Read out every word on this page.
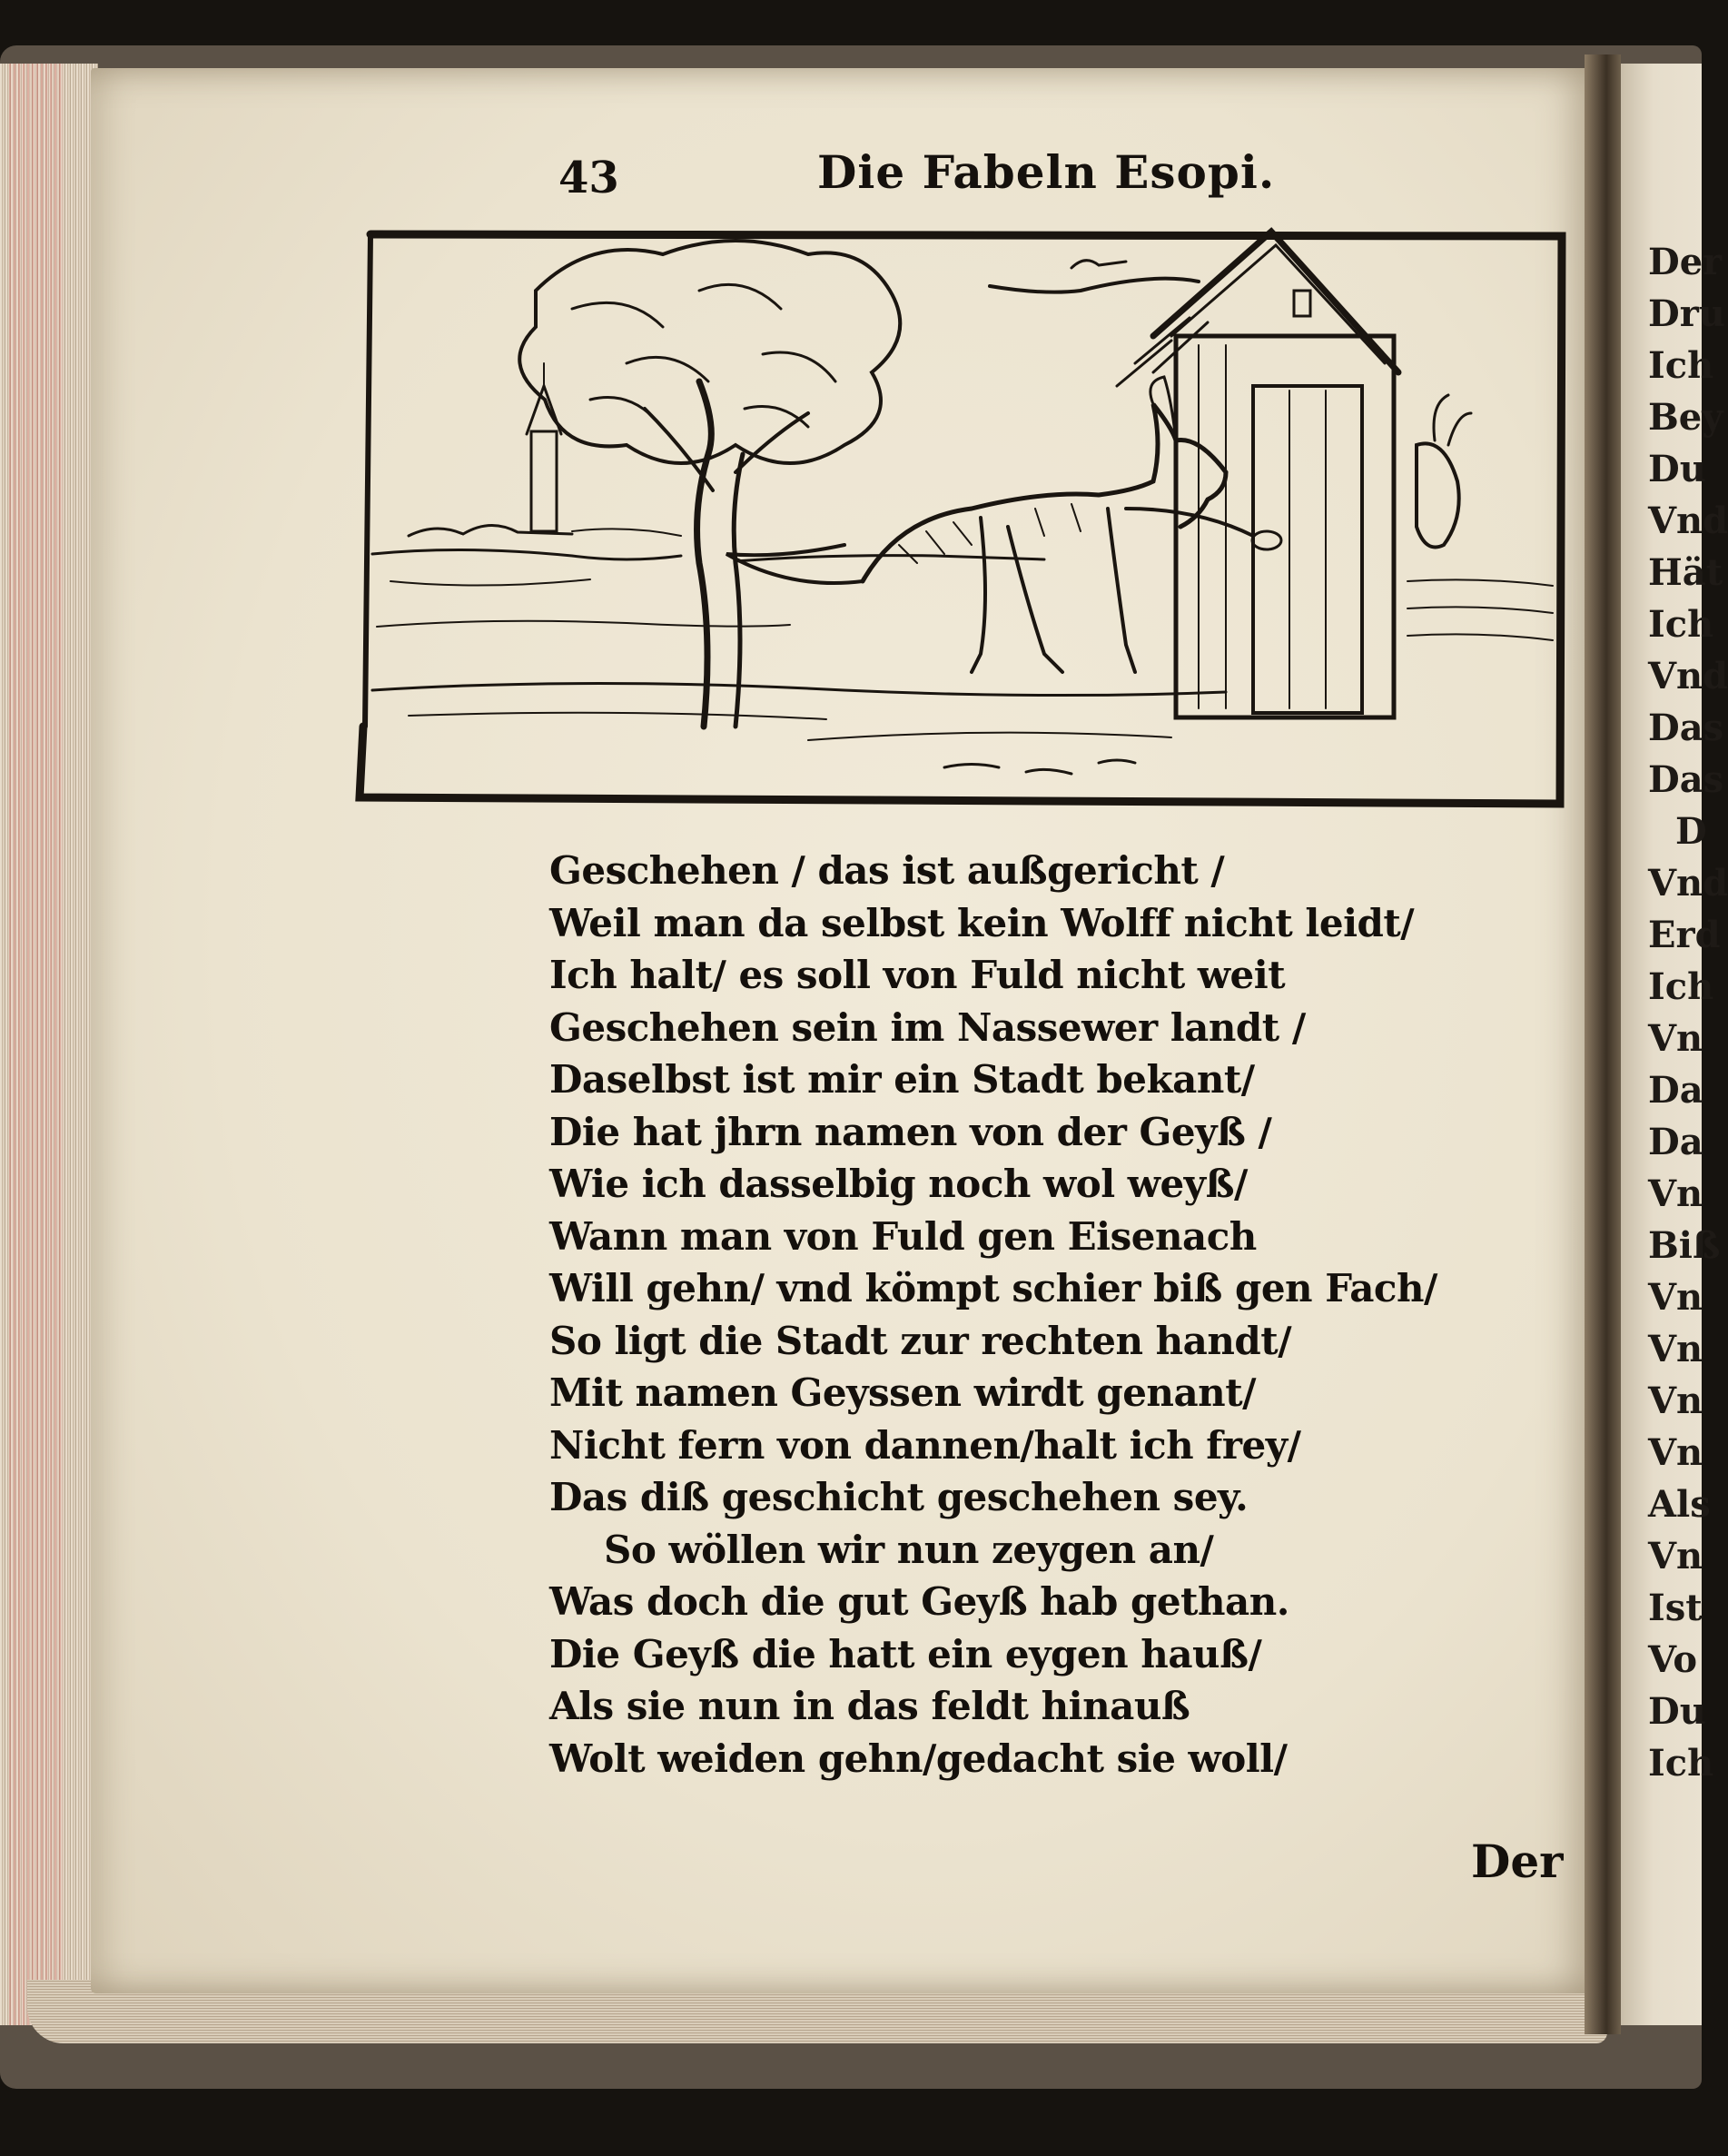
43	Die Fabeln Esopi.
Geschehen / das ist außgericht /
Weil man da selbst kein Wolff nicht leidt/
Ich halt/ es soll von Fuld nicht weit
Geschehen sein im Nassewer landt /
Daselbst ist mir ein Stadt bekant/
Die hat jhrn namen von der Geyß /
Wie ich dasselbig noch wol weyß/
Wann man von Fuld gen Eisenach
Will gehn/ vnd kömpt schier biß gen Fach/
So ligt die Stadt zur rechten handt/
Mit namen Geyssen wirdt genant/
Nicht fern von dannen/halt ich frey/
Das diß geschicht geschehen sey.
So wöllen wir nun zeygen an/
Was doch die gut Geyß hab gethan.
Die Geyß die hatt ein eygen hauß/
Als sie nun in das feldt hinauß
Wolt weiden gehn/gedacht sie woll/
Der
Der
Dru
Ich
Bey
Du
Vnd
Hät
Ich
Vnd
Das
Das
D
Vnd
Erd
Ich
Vn
Da
Da
Vn
Biß
Vn
Vn
Vn
Vn
Als
Vn
Ist
Vo
Du
Ich
